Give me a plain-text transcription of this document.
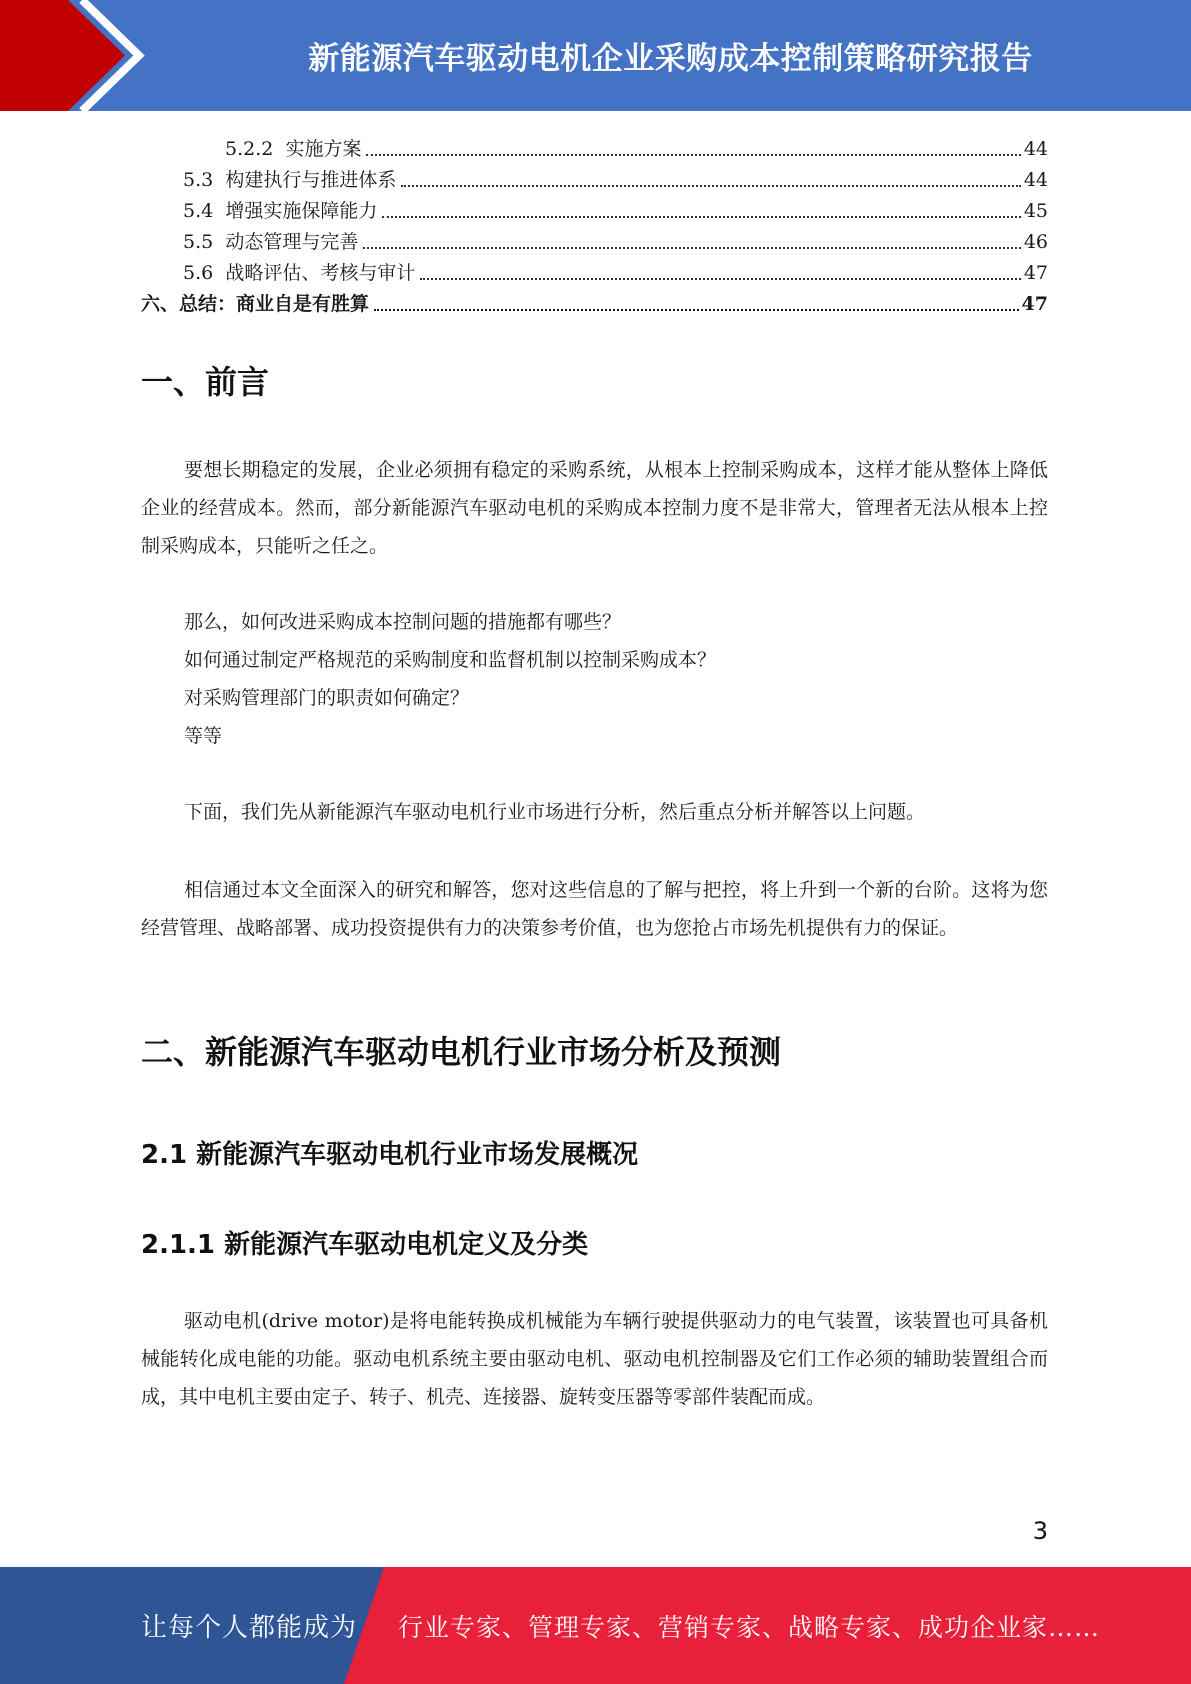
新能源汽车驱动电机企业采购成本控制策略研究报告
5.2.2 实施方案	44
5.3 构建执行与推进体系	44
5.4 增强实施保障能力	45
5.5 动态管理与完善	46
5.6 战略评估、考核与审计	47
六、总结：商业自是有胜算	47
一、前言

要想长期稳定的发展，企业必须拥有稳定的采购系统，从根本上控制采购成本，这样才能从整体上降低企业的经营成本。然而，部分新能源汽车驱动电机的采购成本控制力度不是非常大，管理者无法从根本上控制采购成本，只能听之任之。

那么，如何改进采购成本控制问题的措施都有哪些？
如何通过制定严格规范的采购制度和监督机制以控制采购成本？
对采购管理部门的职责如何确定？
等等

下面，我们先从新能源汽车驱动电机行业市场进行分析，然后重点分析并解答以上问题。

相信通过本文全面深入的研究和解答，您对这些信息的了解与把控，将上升到一个新的台阶。这将为您经营管理、战略部署、成功投资提供有力的决策参考价值，也为您抢占市场先机提供有力的保证。

二、新能源汽车驱动电机行业市场分析及预测
2.1 新能源汽车驱动电机行业市场发展概况
2.1.1 新能源汽车驱动电机定义及分类

驱动电机(drive motor)是将电能转换成机械能为车辆行驶提供驱动力的电气装置，该装置也可具备机械能转化成电能的功能。驱动电机系统主要由驱动电机、驱动电机控制器及它们工作必须的辅助装置组合而成，其中电机主要由定子、转子、机壳、连接器、旋转变压器等零部件装配而成。

3
让每个人都能成为 行业专家、管理专家、营销专家、战略专家、成功企业家……
